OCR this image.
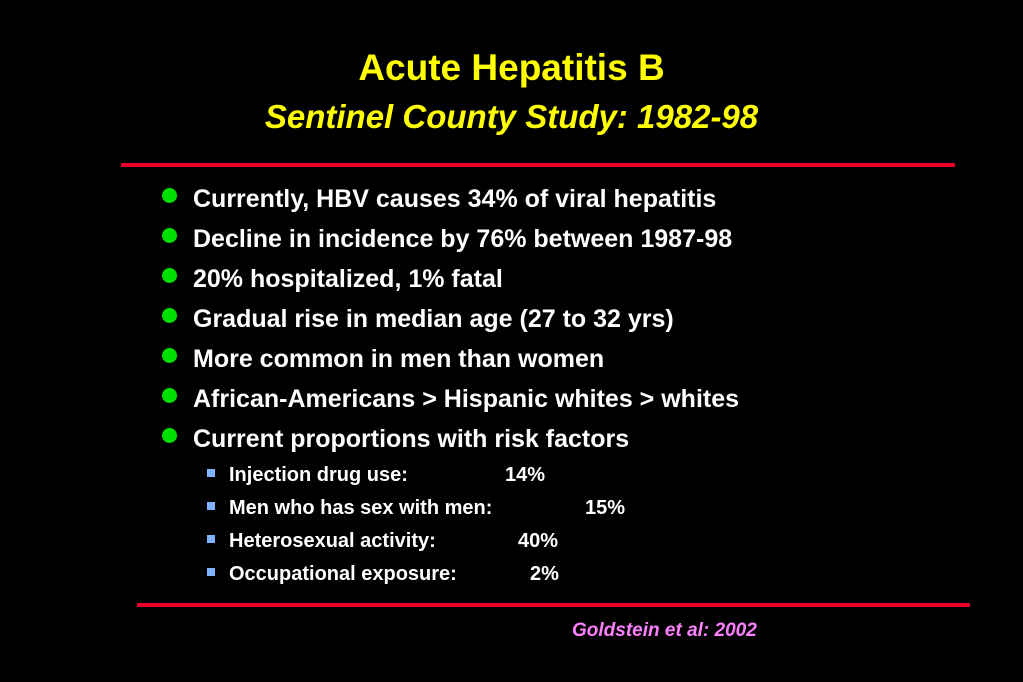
Acute Hepatitis B
Sentinel County Study: 1982-98
Currently, HBV causes 34% of viral hepatitis
Decline in incidence by 76% between 1987-98
20% hospitalized, 1% fatal
Gradual rise in median age (27 to 32 yrs)
More common in men than women
African-Americans > Hispanic whites > whites
Current proportions with risk factors
Injection drug use:	14%
Men who has sex with men:	15%
Heterosexual activity:	40%
Occupational exposure:	2%
Goldstein et al: 2002
